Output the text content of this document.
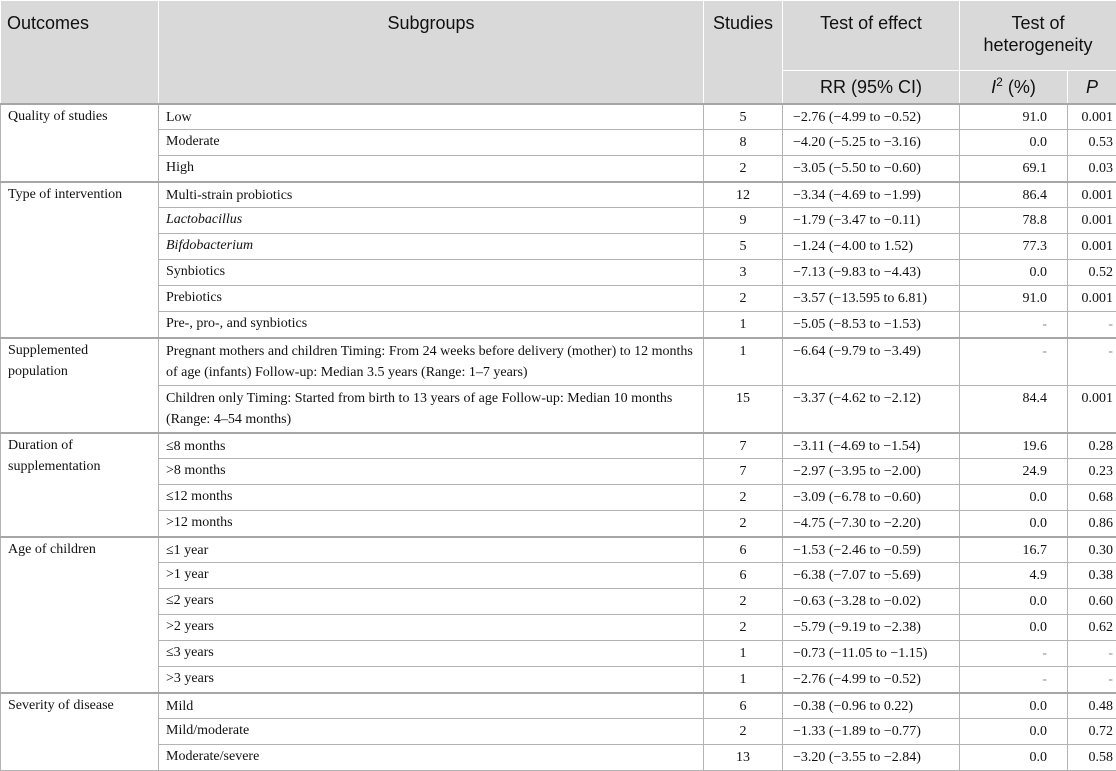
Outcomes	Subgroups	Studies	Test of effect	Test of heterogeneity	
			RR (95% CI)	$I^2$ (%)	P
Quality of studies	Low	5	−2.76 (−4.99 to −0.52)	91.0	0.001
	Moderate	8	−4.20 (−5.25 to −3.16)	0.0	0.53
	High	2	−3.05 (−5.50 to −0.60)	69.1	0.03
Type of intervention	Multi-strain probiotics	12	−3.34 (−4.69 to −1.99)	86.4	0.001
	Lactobacillus	9	−1.79 (−3.47 to −0.11)	78.8	0.001
	Bifdobacterium	5	−1.24 (−4.00 to 1.52)	77.3	0.001
	Synbiotics	3	−7.13 (−9.83 to −4.43)	0.0	0.52
	Prebiotics	2	−3.57 (−13.595 to 6.81)	91.0	0.001
	Pre-, pro-, and synbiotics	1	−5.05 (−8.53 to −1.53)	-	-
Supplemented population	Pregnant mothers and children Timing: From 24 weeks before delivery (mother) to 12 months of age (infants) Follow-up: Median 3.5 years (Range: 1–7 years)	1	−6.64 (−9.79 to −3.49)	-	-
	Children only Timing: Started from birth to 13 years of age Follow-up: Median 10 months (Range: 4–54 months)	15	−3.37 (−4.62 to −2.12)	84.4	0.001
Duration of supplementation	≤8 months	7	−3.11 (−4.69 to −1.54)	19.6	0.28
	>8 months	7	−2.97 (−3.95 to −2.00)	24.9	0.23
	≤12 months	2	−3.09 (−6.78 to −0.60)	0.0	0.68
	>12 months	2	−4.75 (−7.30 to −2.20)	0.0	0.86
Age of children	≤1 year	6	−1.53 (−2.46 to −0.59)	16.7	0.30
	>1 year	6	−6.38 (−7.07 to −5.69)	4.9	0.38
	≤2 years	2	−0.63 (−3.28 to −0.02)	0.0	0.60
	>2 years	2	−5.79 (−9.19 to −2.38)	0.0	0.62
	≤3 years	1	−0.73 (−11.05 to −1.15)	-	-
	>3 years	1	−2.76 (−4.99 to −0.52)	-	-
Severity of disease	Mild	6	−0.38 (−0.96 to 0.22)	0.0	0.48
	Mild/moderate	2	−1.33 (−1.89 to −0.77)	0.0	0.72
	Moderate/severe	13	−3.20 (−3.55 to −2.84)	0.0	0.58
